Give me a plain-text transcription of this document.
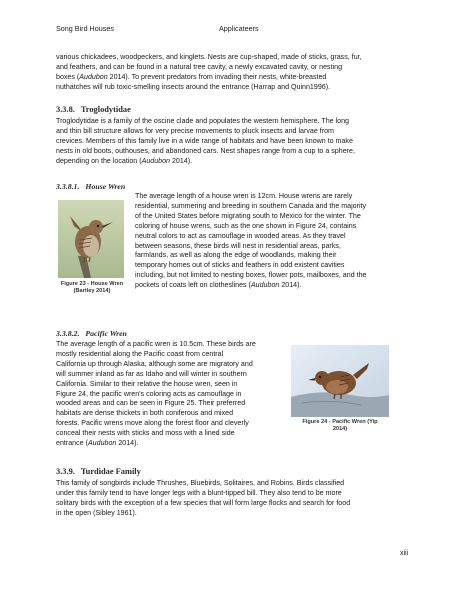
Song Bird Houses	Applicateers
various chickadees, woodpeckers, and kinglets. Nests are cup-shaped, made of sticks, grass, fur,
and feathers, and can be found in a natural tree cavity, a newly excavated cavity, or nesting
boxes (Audubon 2014). To prevent predators from invading their nests, white-breasted
nuthatches will rub toxic-smelling insects around the entrance (Harrap and Quinn1996).
3.3.8. Troglodytidae
Troglodytidae is a family of the oscine clade and populates the western hemisphere. The long
and thin bill structure allows for very precise movements to pluck insects and larvae from
crevices. Members of this family live in a wide range of habitats and have been known to make
nests in old boots, outhouses, and abandoned cars. Nest shapes range from a cup to a sphere,
depending on the location (Audubon 2014).
3.3.8.1. House Wren
Figure 23 - House Wren
(Bartley 2014)
The average length of a house wren is 12cm. House wrens are rarely
residential, summering and breeding in southern Canada and the majority
of the United States before migrating south to Mexico for the winter. The
coloring of house wrens, such as the one shown in Figure 24, contains
neutral colors to act as camouflage in wooded areas. As they travel
between seasons, these birds will nest in residential areas, parks,
farmlands, as well as along the edge of woodlands, making their
temporary homes out of sticks and feathers in odd existent cavities
including, but not limited to nesting boxes, flower pots, mailboxes, and the
pockets of coats left on clotheslines (Audubon 2014).
3.3.8.2. Pacific Wren
The average length of a pacific wren is 10.5cm. These birds are
mostly residential along the Pacific coast from central
California up through Alaska, although some are migratory and
will summer inland as far as Idaho and will winter in southern
California. Similar to their relative the house wren, seen in
Figure 24, the pacific wren's coloring acts as camouflage in
wooded areas and can be seen in Figure 25. Their preferred
habitats are dense thickets in both coniferous and mixed
forests. Pacific wrens move along the forest floor and cleverly
conceal their nests with sticks and moss with a lined side
entrance (Audubon 2014).
Figure 24 - Pacific Wren (Yip
2014)
3.3.9. Turdidae Family
This family of songbirds include Thrushes, Bluebirds, Solitaires, and Robins. Birds classified
under this family tend to have longer legs with a blunt-tipped bill. They also tend to be more
solitary birds with the exception of a few species that will form large flocks and search for food
in the open (Sibley 1961).
xiii
